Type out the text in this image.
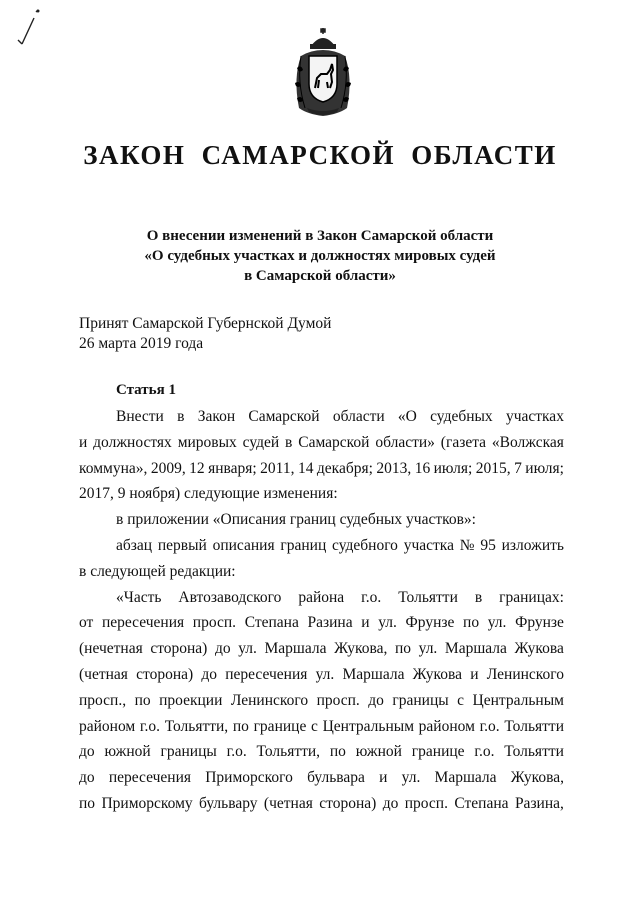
ЗАКОН САМАРСКОЙ ОБЛАСТИ
О внесении изменений в Закон Самарской области
«О судебных участках и должностях мировых судей
в Самарской области»
Принят Самарской Губернской Думой
26 марта 2019 года
Статья 1
Внести в Закон Самарской области «О судебных участках
и должностях мировых судей в Самарской области» (газета «Волжская
коммуна», 2009, 12 января; 2011, 14 декабря; 2013, 16 июля; 2015, 7 июля;
2017, 9 ноября) следующие изменения:
в приложении «Описания границ судебных участков»:
абзац первый описания границ судебного участка № 95 изложить
в следующей редакции:
«Часть Автозаводского района г.о. Тольятти в границах:
от пересечения просп. Степана Разина и ул. Фрунзе по ул. Фрунзе
(нечетная сторона) до ул. Маршала Жукова, по ул. Маршала Жукова
(четная сторона) до пересечения ул. Маршала Жукова и Ленинского
просп., по проекции Ленинского просп. до границы с Центральным
районом г.о. Тольятти, по границе с Центральным районом г.о. Тольятти
до южной границы г.о. Тольятти, по южной границе г.о. Тольятти
до пересечения Приморского бульвара и ул. Маршала Жукова,
по Приморскому бульвару (четная сторона) до просп. Степана Разина,
